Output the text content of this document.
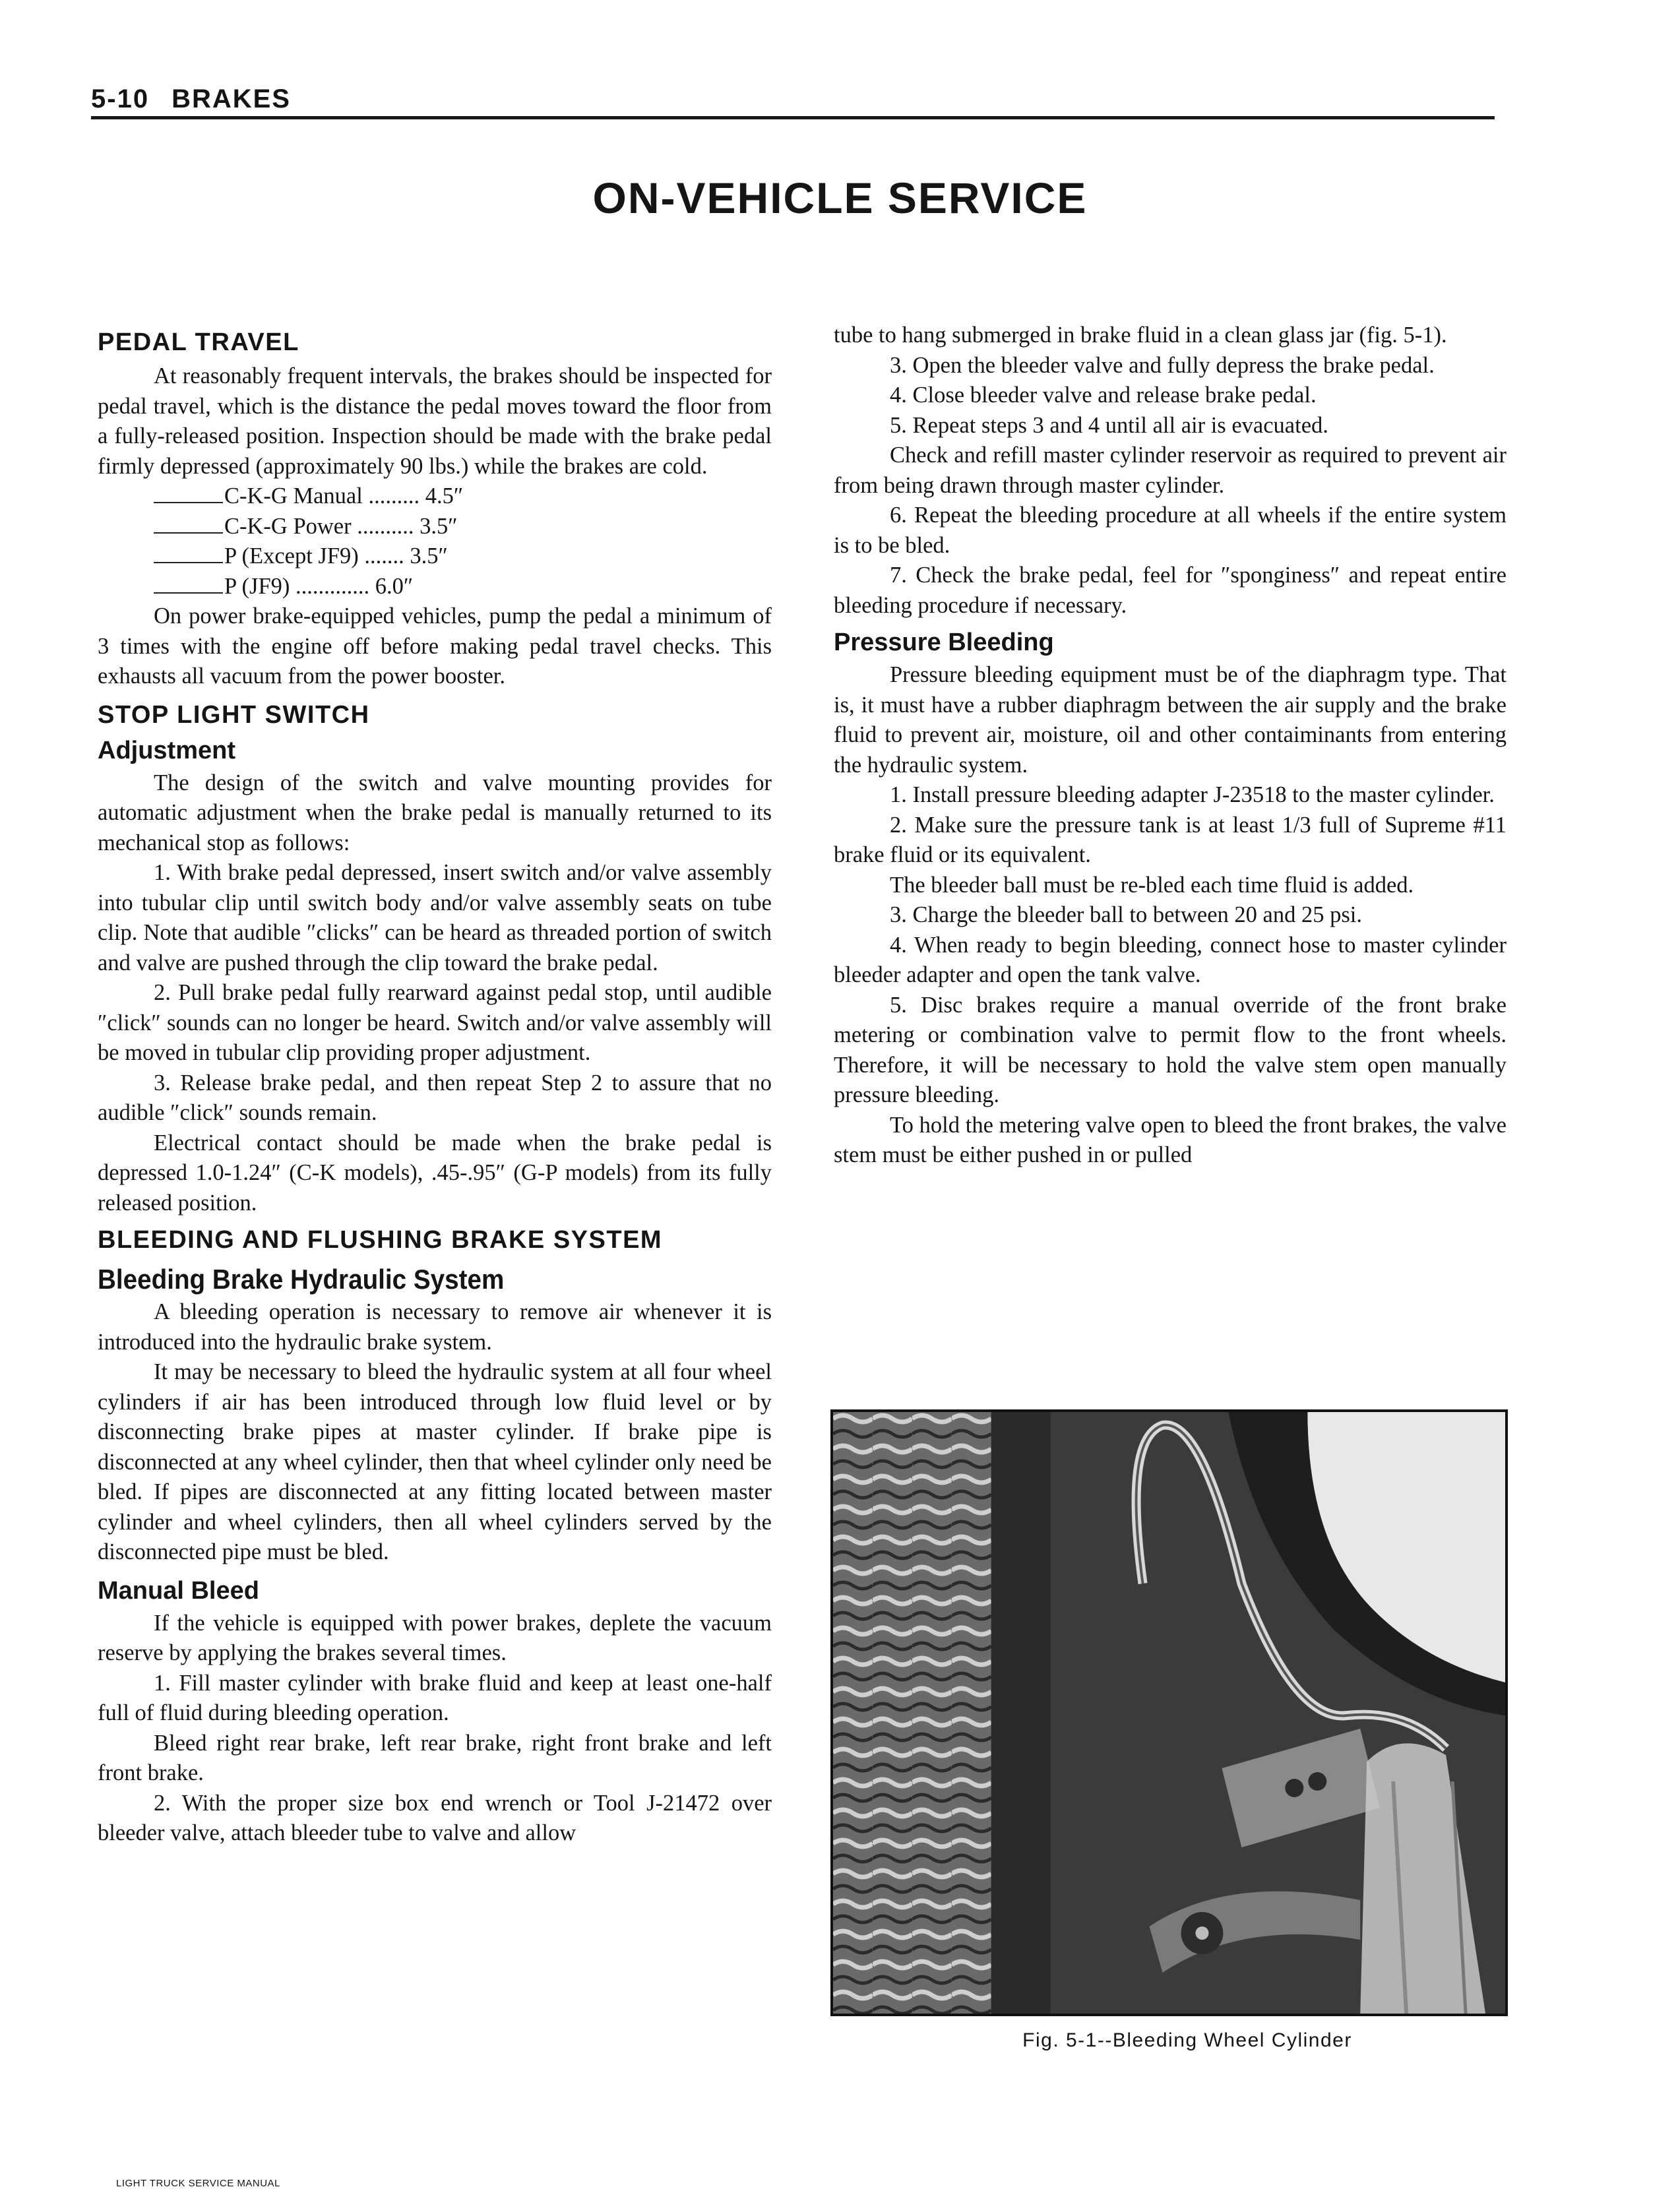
5-10 BRAKES
ON-VEHICLE SERVICE
PEDAL TRAVEL

At reasonably frequent intervals, the brakes should be inspected for pedal travel, which is the distance the pedal moves toward the floor from a fully-released position. Inspection should be made with the brake pedal firmly depressed (approximately 90 lbs.) while the brakes are cold.

C-K-G Manual ......... 4.5″
C-K-G Power .......... 3.5″
P (Except JF9) ....... 3.5″
P (JF9) ............. 6.0″

On power brake-equipped vehicles, pump the pedal a minimum of 3 times with the engine off before making pedal travel checks. This exhausts all vacuum from the power booster.

STOP LIGHT SWITCH
Adjustment

The design of the switch and valve mounting provides for automatic adjustment when the brake pedal is manually returned to its mechanical stop as follows:

1. With brake pedal depressed, insert switch and/or valve assembly into tubular clip until switch body and/or valve assembly seats on tube clip. Note that audible ″clicks″ can be heard as threaded portion of switch and valve are pushed through the clip toward the brake pedal.

2. Pull brake pedal fully rearward against pedal stop, until audible ″click″ sounds can no longer be heard. Switch and/or valve assembly will be moved in tubular clip providing proper adjustment.

3. Release brake pedal, and then repeat Step 2 to assure that no audible ″click″ sounds remain.

Electrical contact should be made when the brake pedal is depressed 1.0-1.24″ (C-K models), .45-.95″ (G-P models) from its fully released position.

BLEEDING AND FLUSHING BRAKE SYSTEM
Bleeding Brake Hydraulic System

A bleeding operation is necessary to remove air whenever it is introduced into the hydraulic brake system.

It may be necessary to bleed the hydraulic system at all four wheel cylinders if air has been introduced through low fluid level or by disconnecting brake pipes at master cylinder. If brake pipe is disconnected at any wheel cylinder, then that wheel cylinder only need be bled. If pipes are disconnected at any fitting located between master cylinder and wheel cylinders, then all wheel cylinders served by the disconnected pipe must be bled.

Manual Bleed

If the vehicle is equipped with power brakes, deplete the vacuum reserve by applying the brakes several times.

1. Fill master cylinder with brake fluid and keep at least one-half full of fluid during bleeding operation.

Bleed right rear brake, left rear brake, right front brake and left front brake.

2. With the proper size box end wrench or Tool J-21472 over bleeder valve, attach bleeder tube to valve and allow

tube to hang submerged in brake fluid in a clean glass jar (fig. 5-1).

3. Open the bleeder valve and fully depress the brake pedal.

4. Close bleeder valve and release brake pedal.

5. Repeat steps 3 and 4 until all air is evacuated.

Check and refill master cylinder reservoir as required to prevent air from being drawn through master cylinder.

6. Repeat the bleeding procedure at all wheels if the entire system is to be bled.

7. Check the brake pedal, feel for ″sponginess″ and repeat entire bleeding procedure if necessary.

Pressure Bleeding

Pressure bleeding equipment must be of the diaphragm type. That is, it must have a rubber diaphragm between the air supply and the brake fluid to prevent air, moisture, oil and other contaiminants from entering the hydraulic system.

1. Install pressure bleeding adapter J-23518 to the master cylinder.

2. Make sure the pressure tank is at least 1/3 full of Supreme #11 brake fluid or its equivalent.

The bleeder ball must be re-bled each time fluid is added.

3. Charge the bleeder ball to between 20 and 25 psi.

4. When ready to begin bleeding, connect hose to master cylinder bleeder adapter and open the tank valve.

5. Disc brakes require a manual override of the front brake metering or combination valve to permit flow to the front wheels. Therefore, it will be necessary to hold the valve stem open manually pressure bleeding.

To hold the metering valve open to bleed the front brakes, the valve stem must be either pushed in or pulled

Fig. 5-1--Bleeding Wheel Cylinder
LIGHT TRUCK SERVICE MANUAL
